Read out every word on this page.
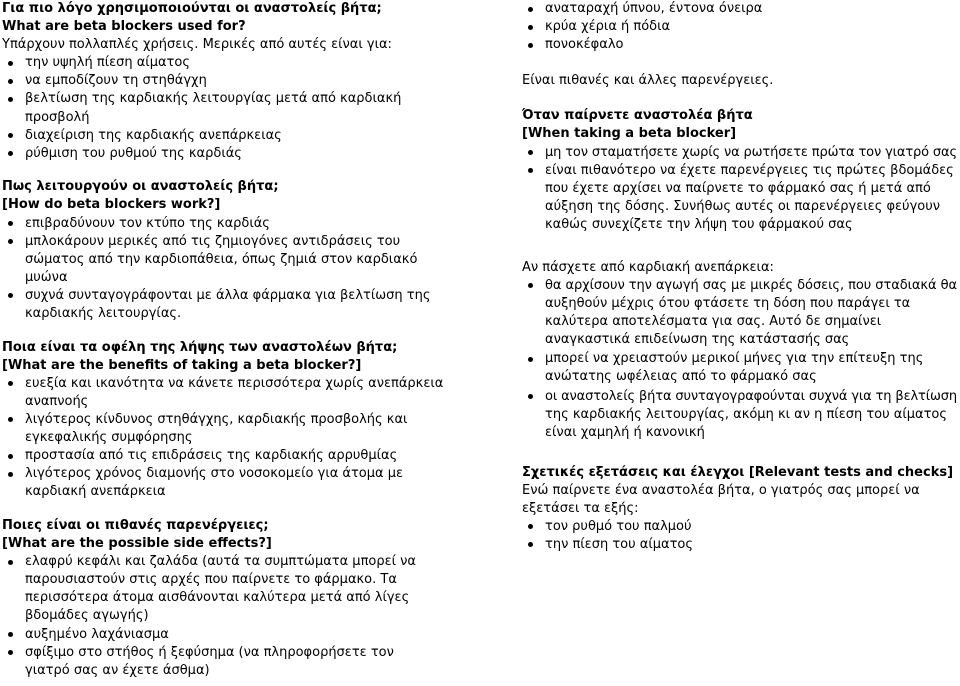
Για πιο λόγο χρησιμοποιούνται οι αναστολείς βήτα;
What are beta blockers used for?
Υπάρχουν πολλαπλές χρήσεις. Μερικές από αυτές είναι για:
την υψηλή πίεση αίματος
να εμποδίζουν τη στηθάγχη
βελτίωση της καρδιακής λειτουργίας μετά από καρδιακή
προσβολή
διαχείριση της καρδιακής ανεπάρκειας
ρύθμιση του ρυθμού της καρδιάς
Πως λειτουργούν οι αναστολείς βήτα;
[How do beta blockers work?]
επιβραδύνουν τον κτύπο της καρδιάς
μπλοκάρουν μερικές από τις ζημιογόνες αντιδράσεις του
σώματος από την καρδιοπάθεια, όπως ζημιά στον καρδιακό
μυώνα
συχνά συνταγογράφονται με άλλα φάρμακα για βελτίωση της
καρδιακής λειτουργίας.
Ποια είναι τα οφέλη της λήψης των αναστολέων βήτα;
[What are the benefits of taking a beta blocker?]
ευεξία και ικανότητα να κάνετε περισσότερα χωρίς ανεπάρκεια
αναπνοής
λιγότερος κίνδυνος στηθάγχης, καρδιακής προσβολής και
εγκεφαλικής συμφόρησης
προστασία από τις επιδράσεις της καρδιακής αρρυθμίας
λιγότερος χρόνος διαμονής στο νοσοκομείο για άτομα με
καρδιακή ανεπάρκεια
Ποιες είναι οι πιθανές παρενέργειες;
[What are the possible side effects?]
ελαφρύ κεφάλι και ζαλάδα (αυτά τα συμπτώματα μπορεί να
παρουσιαστούν στις αρχές που παίρνετε το φάρμακο. Τα
περισσότερα άτομα αισθάνονται καλύτερα μετά από λίγες
βδομάδες αγωγής)
αυξημένο λαχάνιασμα
σφίξιμο στο στήθος ή ξεφύσημα (να πληροφορήσετε τον
γιατρό σας αν έχετε άσθμα)
αναταραχή ύπνου, έντονα όνειρα
κρύα χέρια ή πόδια
πονοκέφαλο
Είναι πιθανές και άλλες παρενέργειες.
Όταν παίρνετε αναστολέα βήτα
[When taking a beta blocker]
μη τον σταματήσετε χωρίς να ρωτήσετε πρώτα τον γιατρό σας
είναι πιθανότερο να έχετε παρενέργειες τις πρώτες βδομάδες
που έχετε αρχίσει να παίρνετε το φάρμακό σας ή μετά από
αύξηση της δόσης. Συνήθως αυτές οι παρενέργειες φεύγουν
καθώς συνεχίζετε την λήψη του φάρμακού σας
Αν πάσχετε από καρδιακή ανεπάρκεια:
θα αρχίσουν την αγωγή σας με μικρές δόσεις, που σταδιακά θα
αυξηθούν μέχρις ότου φτάσετε τη δόση που παράγει τα
καλύτερα αποτελέσματα για σας. Αυτό δε σημαίνει
αναγκαστικά επιδείνωση της κατάστασής σας
μπορεί να χρειαστούν μερικοί μήνες για την επίτευξη της
ανώτατης ωφέλειας από το φάρμακό σας
οι αναστολείς βήτα συνταγογραφούνται συχνά για τη βελτίωση
της καρδιακής λειτουργίας, ακόμη κι αν η πίεση του αίματος
είναι χαμηλή ή κανονική
Σχετικές εξετάσεις και έλεγχοι [Relevant tests and checks]
Ενώ παίρνετε ένα αναστολέα βήτα, ο γιατρός σας μπορεί να
εξετάσει τα εξής:
τον ρυθμό του παλμού
την πίεση του αίματος
